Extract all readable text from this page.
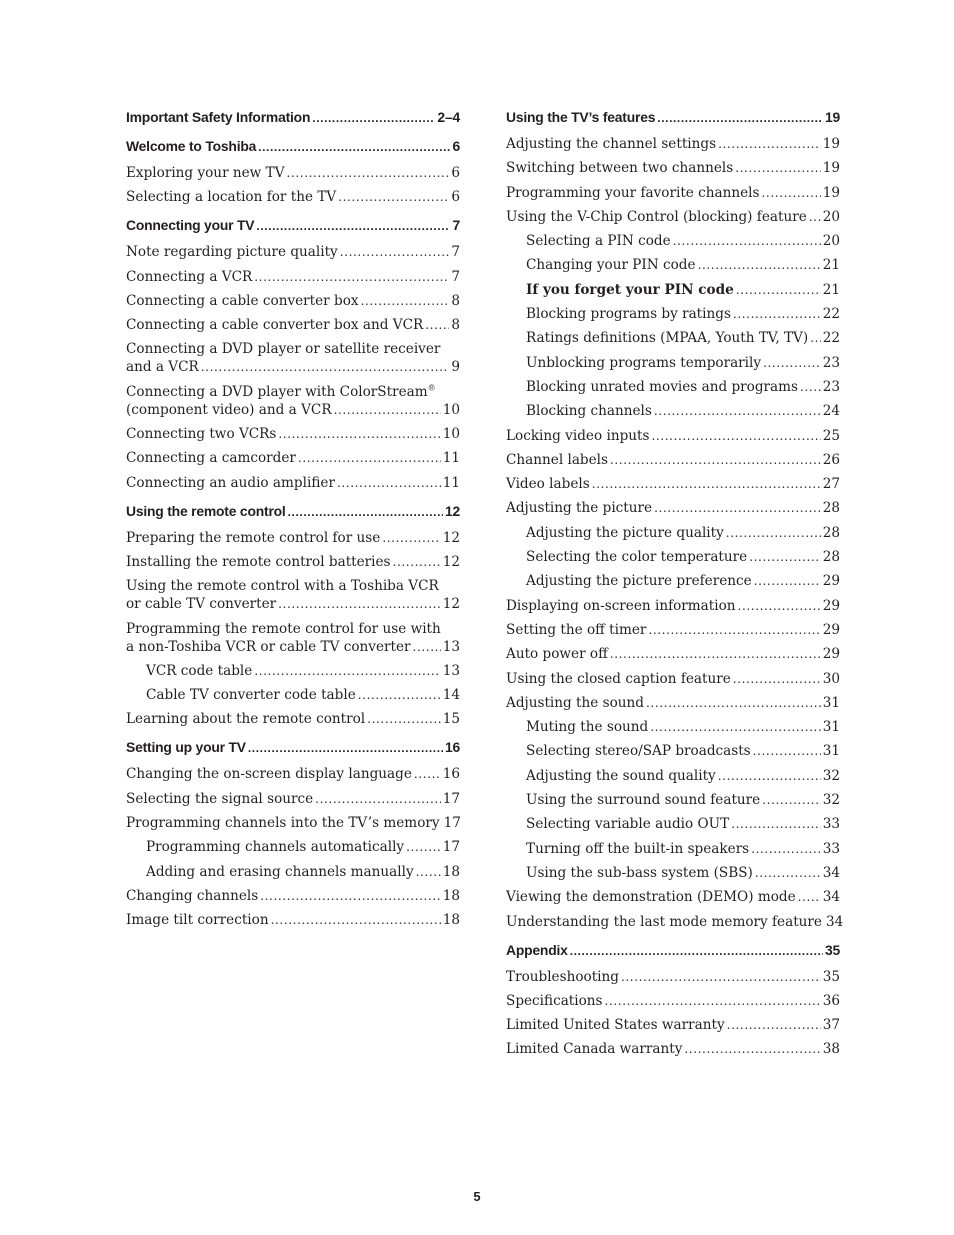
Important Safety Information .....	2–4
Welcome to Toshiba .....	6
Exploring your new TV .....	6
Selecting a location for the TV .....	6
Connecting your TV .....	7
Note regarding picture quality .....	7
Connecting a VCR .....	7
Connecting a cable converter box .....	8
Connecting a cable converter box and VCR ..... 8
Connecting a DVD player or satellite receiver
and a VCR .....	9
Connecting a DVD player with ColorStream®
(component video) and a VCR .....	10
Connecting two VCRs .....	10
Connecting a camcorder .....	11
Connecting an audio amplifier .....	11
Using the remote control .....	12
Preparing the remote control for use .....	12
Installing the remote control batteries .....	12
Using the remote control with a Toshiba VCR
or cable TV converter .....	12
Programming the remote control for use with
a non-Toshiba VCR or cable TV converter ..... 13
VCR code table .....	13
Cable TV converter code table .....	14
Learning about the remote control .....	15
Setting up your TV .....	16
Changing the on-screen display language ..... 16
Selecting the signal source .....	17
Programming channels into the TV’s memory 17
Programming channels automatically .....	17
Adding and erasing channels manually ..... 18
Changing channels .....	18
Image tilt correction .....	18
Using the TV’s features .....	19
Adjusting the channel settings .....	19
Switching between two channels .....	19
Programming your favorite channels .....	19
Using the V-Chip Control (blocking) feature ..... 20
Selecting a PIN code .....	20
Changing your PIN code .....	21
If you forget your PIN code .....	21
Blocking programs by ratings .....	22
Ratings definitions (MPAA, Youth TV, TV) ..... 22
Unblocking programs temporarily .....	23
Blocking unrated movies and programs ..... 23
Blocking channels .....	24
Locking video inputs .....	25
Channel labels .....	26
Video labels .....	27
Adjusting the picture .....	28
Adjusting the picture quality .....	28
Selecting the color temperature .....	28
Adjusting the picture preference .....	29
Displaying on-screen information .....	29
Setting the off timer .....	29
Auto power off .....	29
Using the closed caption feature .....	30
Adjusting the sound .....	31
Muting the sound .....	31
Selecting stereo/SAP broadcasts .....	31
Adjusting the sound quality .....	32
Using the surround sound feature .....	32
Selecting variable audio OUT .....	33
Turning off the built-in speakers .....	33
Using the sub-bass system (SBS) .....	34
Viewing the demonstration (DEMO) mode ..... 34
Understanding the last mode memory feature 34
Appendix .....	35
Troubleshooting .....	35
Specifications .....	36
Limited United States warranty .....	37
Limited Canada warranty .....	38
5
